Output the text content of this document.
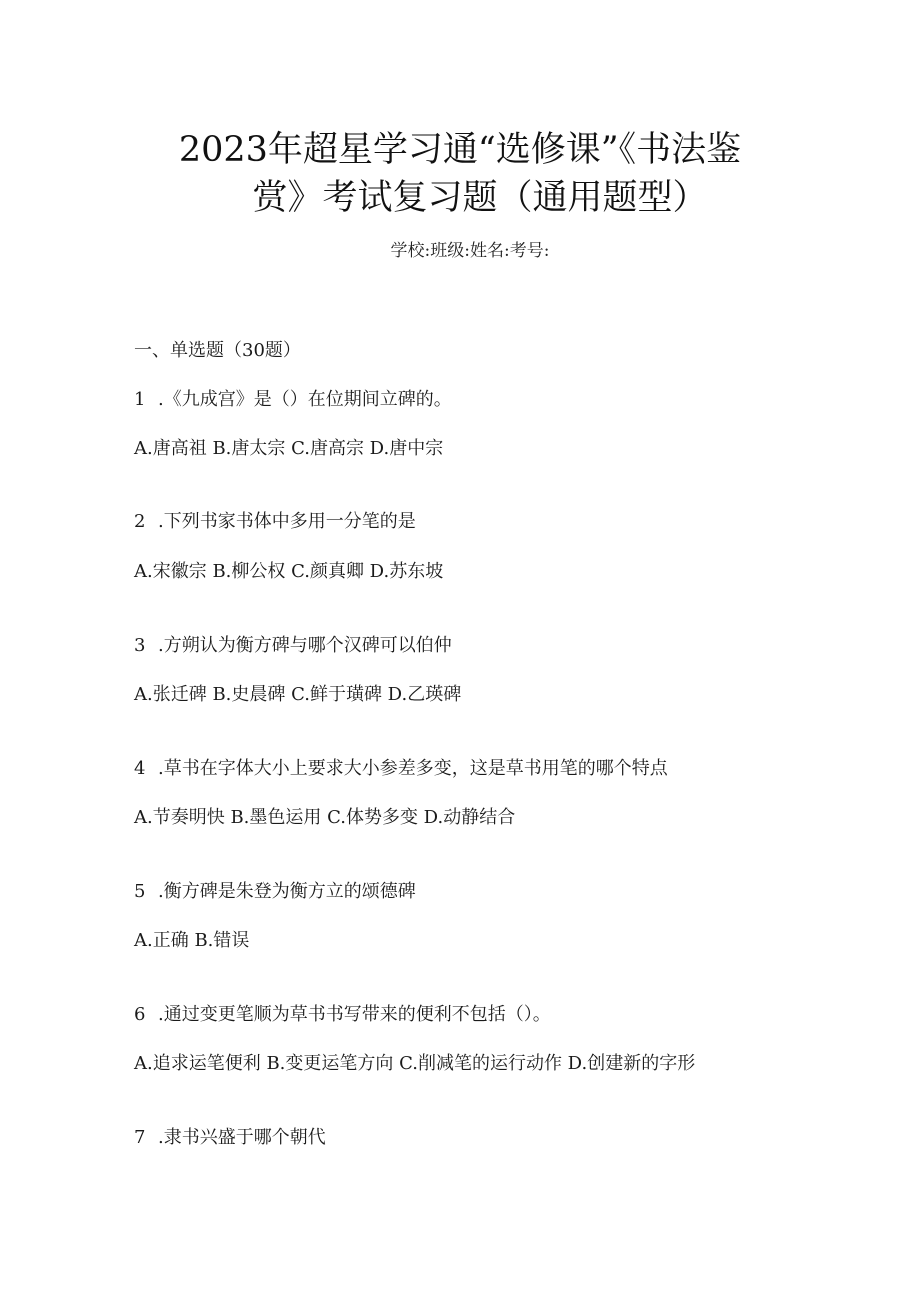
2023年超星学习通“选修课”《书法鉴
赏》考试复习题（通用题型）
学校:班级:姓名:考号:
一、单选题（30题）
1 .《九成宫》是（）在位期间立碑的。
A.唐高祖 B.唐太宗 C.唐高宗 D.唐中宗
2 .下列书家书体中多用一分笔的是
A.宋徽宗 B.柳公权 C.颜真卿 D.苏东坡
3 .方朔认为衡方碑与哪个汉碑可以伯仲
A.张迁碑 B.史晨碑 C.鲜于璜碑 D.乙瑛碑
4 .草书在字体大小上要求大小参差多变，这是草书用笔的哪个特点
A.节奏明快 B.墨色运用 C.体势多变 D.动静结合
5 .衡方碑是朱登为衡方立的颂德碑
A.正确 B.错误
6 .通过变更笔顺为草书书写带来的便利不包括（）。
A.追求运笔便利 B.变更运笔方向 C.削减笔的运行动作 D.创建新的字形
7 .隶书兴盛于哪个朝代
